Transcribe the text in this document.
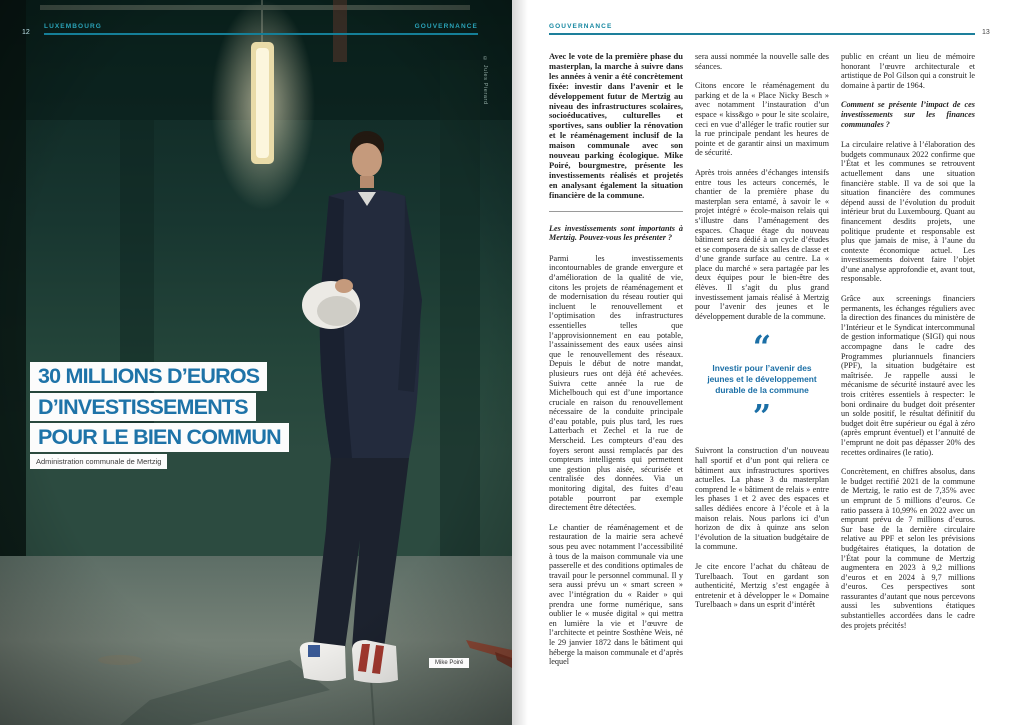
12
LUXEMBOURG	GOUVERNANCE
© Jules Pierard
30 MILLIONS D’EUROS
D’INVESTISSEMENTS
POUR LE BIEN COMMUN
Administration communale de Mertzig
Mike Poiré
GOUVERNANCE
13

Avec le vote de la première phase du masterplan, la marche à suivre dans les années à venir a été concrètement fixée: investir dans l’avenir et le développement futur de Mertzig au niveau des infrastructures scolaires, socioéducatives, culturelles et sportives, sans oublier la rénovation et le réaménagement inclusif de la maison communale avec son nouveau parking écologique. Mike Poiré, bourgmestre, présente les investissements réalisés et projetés en analysant également la situation financière de la commune.

Les investissements sont importants à Mertzig. Pouvez-vous les présenter ?

Parmi les investissements incontournables de grande envergure et d’amélioration de la qualité de vie, citons les projets de réaménagement et de modernisation du réseau routier qui incluent le renouvellement et l’optimisation des infrastructures essentielles telles que l’approvisionnement en eau potable, l’assainissement des eaux usées ainsi que le renouvellement des réseaux. Depuis le début de notre mandat, plusieurs rues ont déjà été achevées. Suivra cette année la rue de Michelbouch qui est d’une importance cruciale en raison du renouvellement nécessaire de la conduite principale d’eau potable, puis plus tard, les rues Latterbach et Zechel et la rue de Merscheid. Les compteurs d’eau des foyers seront aussi remplacés par des compteurs intelligents qui permettent une gestion plus aisée, sécurisée et centralisée des données. Via un monitoring digital, des fuites d’eau potable pourront par exemple directement être détectées.

Le chantier de réaménagement et de restauration de la mairie sera achevé sous peu avec notamment l’accessibilité à tous de la maison communale via une passerelle et des conditions optimales de travail pour le personnel communal. Il y sera aussi prévu un « smart screen » avec l’intégration du « Raider » qui prendra une forme numérique, sans oublier le « musée digital » qui mettra en lumière la vie et l’œuvre de l’architecte et peintre Sosthène Weis, né le 29 janvier 1872 dans le bâtiment qui héberge la maison communale et d’après lequel

sera aussi nommée la nouvelle salle des séances.

Citons encore le réaménagement du parking et de la « Place Nicky Besch » avec notamment l’instauration d’un espace « kiss&go » pour le site scolaire, ceci en vue d’alléger le trafic routier sur la rue principale pendant les heures de pointe et de garantir ainsi un maximum de sécurité.

Après trois années d’échanges intensifs entre tous les acteurs concernés, le chantier de la première phase du masterplan sera entamé, à savoir le « projet intégré » école-maison relais qui s’illustre dans l’aménagement des espaces. Chaque étage du nouveau bâtiment sera dédié à un cycle d’études et se composera de six salles de classe et d’une grande surface au centre. La « place du marché » sera partagée par les deux équipes pour le bien-être des élèves. Il s’agit du plus grand investissement jamais réalisé à Mertzig pour l’avenir des jeunes et le développement durable de la commune.

“
Investir pour l’avenir des jeunes et le développement durable de la commune
”

Suivront la construction d’un nouveau hall sportif et d’un pont qui reliera ce bâtiment aux infrastructures sportives actuelles. La phase 3 du masterplan comprend le « bâtiment de relais » entre les phases 1 et 2 avec des espaces et salles dédiées encore à l’école et à la maison relais. Nous parlons ici d’un horizon de dix à quinze ans selon l’évolution de la situation budgétaire de la commune.

Je cite encore l’achat du château de Turelbaach. Tout en gardant son authenticité, Mertzig s’est engagée à entretenir et à développer le « Domaine Turelbaach » dans un esprit d’intérêt

public en créant un lieu de mémoire honorant l’œuvre architecturale et artistique de Pol Gilson qui a construit le domaine à partir de 1964.

Comment se présente l’impact de ces investissements sur les finances communales ?

La circulaire relative à l’élaboration des budgets communaux 2022 confirme que l’État et les communes se retrouvent actuellement dans une situation financière stable. Il va de soi que la situation financière des communes dépend aussi de l’évolution du produit intérieur brut du Luxembourg. Quant au financement desdits projets, une politique prudente et responsable est plus que jamais de mise, à l’aune du contexte économique actuel. Les investissements doivent faire l’objet d’une analyse approfondie et, avant tout, responsable.

Grâce aux screenings financiers permanents, les échanges réguliers avec la direction des finances du ministère de l’Intérieur et le Syndicat intercommunal de gestion informatique (SIGI) qui nous accompagne dans le cadre des Programmes pluriannuels financiers (PPF), la situation budgétaire est maîtrisée. Je rappelle aussi le mécanisme de sécurité instauré avec les trois critères essentiels à respecter: le boni ordinaire du budget doit présenter un solde positif, le résultat définitif du budget doit être supérieur ou égal à zéro (après emprunt éventuel) et l’annuité de l’emprunt ne doit pas dépasser 20% des recettes ordinaires (le ratio).

Concrètement, en chiffres absolus, dans le budget rectifié 2021 de la commune de Mertzig, le ratio est de 7,35% avec un emprunt de 5 millions d’euros. Ce ratio passera à 10,99% en 2022 avec un emprunt prévu de 7 millions d’euros. Sur base de la dernière circulaire relative au PPF et selon les prévisions budgétaires étatiques, la dotation de l’État pour la commune de Mertzig augmentera en 2023 à 9,2 millions d’euros et en 2024 à 9,7 millions d’euros. Ces perspectives sont rassurantes d’autant que nous percevons aussi les subventions étatiques substantielles accordées dans le cadre des projets précités!
